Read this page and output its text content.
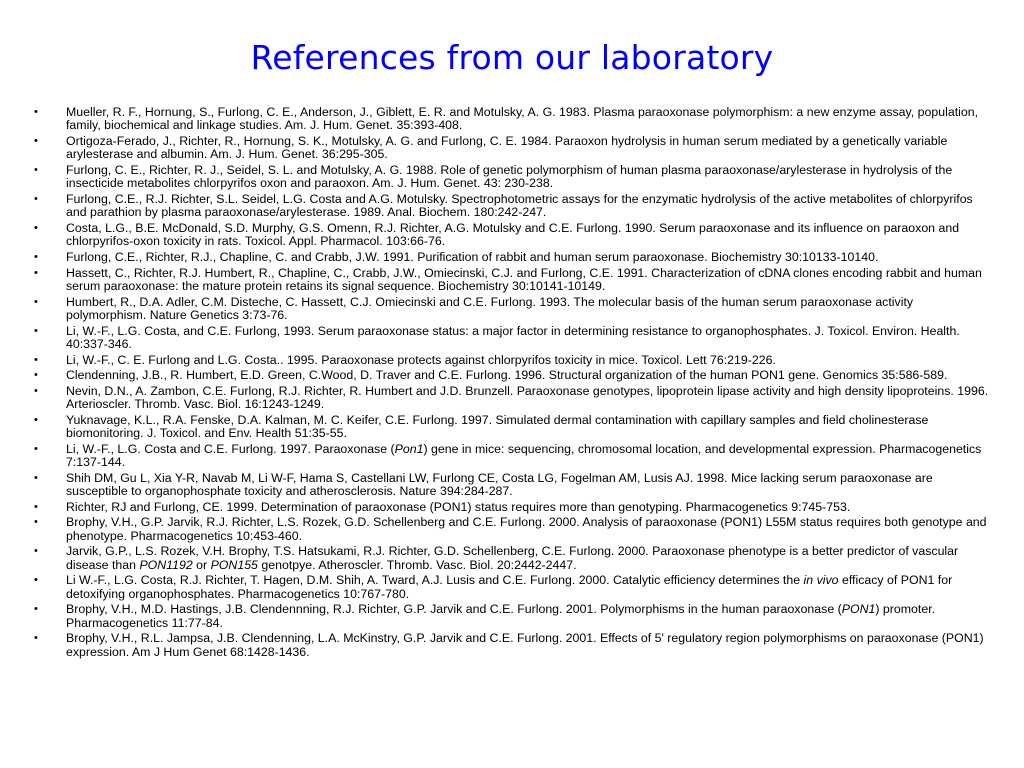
References from our laboratory
• Mueller, R. F., Hornung, S., Furlong, C. E., Anderson, J., Giblett, E. R. and Motulsky, A. G. 1983. Plasma paraoxonase polymorphism: a new enzyme assay, population, family, biochemical and linkage studies. Am. J. Hum. Genet. 35:393-408.
• Ortigoza-Ferado, J., Richter, R., Hornung, S. K., Motulsky, A. G. and Furlong, C. E. 1984. Paraoxon hydrolysis in human serum mediated by a genetically variable arylesterase and albumin. Am. J. Hum. Genet. 36:295-305.
• Furlong, C. E., Richter, R. J., Seidel, S. L. and Motulsky, A. G. 1988. Role of genetic polymorphism of human plasma paraoxonase/arylesterase in hydrolysis of the insecticide metabolites chlorpyrifos oxon and paraoxon. Am. J. Hum. Genet. 43: 230-238.
• Furlong, C.E., R.J. Richter, S.L. Seidel, L.G. Costa and A.G. Motulsky. Spectrophotometric assays for the enzymatic hydrolysis of the active metabolites of chlorpyrifos and parathion by plasma paraoxonase/arylesterase. 1989. Anal. Biochem. 180:242-247.
• Costa, L.G., B.E. McDonald, S.D. Murphy, G.S. Omenn, R.J. Richter, A.G. Motulsky and C.E. Furlong. 1990. Serum paraoxonase and its influence on paraoxon and chlorpyrifos-oxon toxicity in rats. Toxicol. Appl. Pharmacol. 103:66-76.
• Furlong, C.E., Richter, R.J., Chapline, C. and Crabb, J.W. 1991. Purification of rabbit and human serum paraoxonase. Biochemistry 30:10133-10140.
• Hassett, C., Richter, R.J. Humbert, R., Chapline, C., Crabb, J.W., Omiecinski, C.J. and Furlong, C.E. 1991. Characterization of cDNA clones encoding rabbit and human serum paraoxonase: the mature protein retains its signal sequence. Biochemistry 30:10141-10149.
• Humbert, R., D.A. Adler, C.M. Disteche, C. Hassett, C.J. Omiecinski and C.E. Furlong. 1993. The molecular basis of the human serum paraoxonase activity polymorphism. Nature Genetics 3:73-76.
• Li, W.-F., L.G. Costa, and C.E. Furlong, 1993. Serum paraoxonase status: a major factor in determining resistance to organophosphates. J. Toxicol. Environ. Health. 40:337-346.
• Li, W.-F., C. E. Furlong and L.G. Costa.. 1995. Paraoxonase protects against chlorpyrifos toxicity in mice. Toxicol. Lett 76:219-226.
• Clendenning, J.B., R. Humbert, E.D. Green, C.Wood, D. Traver and C.E. Furlong. 1996. Structural organization of the human PON1 gene. Genomics 35:586-589.
• Nevin, D.N., A. Zambon, C.E. Furlong, R.J. Richter, R. Humbert and J.D. Brunzell. Paraoxonase genotypes, lipoprotein lipase activity and high density lipoproteins. 1996. Arterioscler. Thromb. Vasc. Biol. 16:1243-1249.
• Yuknavage, K.L., R.A. Fenske, D.A. Kalman, M. C. Keifer, C.E. Furlong. 1997. Simulated dermal contamination with capillary samples and field cholinesterase biomonitoring. J. Toxicol. and Env. Health 51:35-55.
• Li, W.-F., L.G. Costa and C.E. Furlong. 1997. Paraoxonase (Pon1) gene in mice: sequencing, chromosomal location, and developmental expression. Pharmacogenetics 7:137-144.
• Shih DM, Gu L, Xia Y-R, Navab M, Li W-F, Hama S, Castellani LW, Furlong CE, Costa LG, Fogelman AM, Lusis AJ. 1998. Mice lacking serum paraoxonase are susceptible to organophosphate toxicity and atherosclerosis. Nature 394:284-287.
• Richter, RJ and Furlong, CE. 1999. Determination of paraoxonase (PON1) status requires more than genotyping. Pharmacogenetics 9:745-753.
• Brophy, V.H., G.P. Jarvik, R.J. Richter, L.S. Rozek, G.D. Schellenberg and C.E. Furlong. 2000. Analysis of paraoxonase (PON1) L55M status requires both genotype and phenotype. Pharmacogenetics 10:453-460.
• Jarvik, G.P., L.S. Rozek, V.H. Brophy, T.S. Hatsukami, R.J. Richter, G.D. Schellenberg, C.E. Furlong. 2000. Paraoxonase phenotype is a better predictor of vascular disease than PON1192 or PON155 genotpye. Atheroscler. Thromb. Vasc. Biol. 20:2442-2447.
• Li W.-F., L.G. Costa, R.J. Richter, T. Hagen, D.M. Shih, A. Tward, A.J. Lusis and C.E. Furlong. 2000. Catalytic efficiency determines the in vivo efficacy of PON1 for detoxifying organophosphates. Pharmacogenetics 10:767-780.
• Brophy, V.H., M.D. Hastings, J.B. Clendennning, R.J. Richter, G.P. Jarvik and C.E. Furlong. 2001. Polymorphisms in the human paraoxonase (PON1) promoter. Pharmacogenetics 11:77-84.
• Brophy, V.H., R.L. Jampsa, J.B. Clendenning, L.A. McKinstry, G.P. Jarvik and C.E. Furlong. 2001. Effects of 5' regulatory region polymorphisms on paraoxonase (PON1) expression. Am J Hum Genet 68:1428-1436.
